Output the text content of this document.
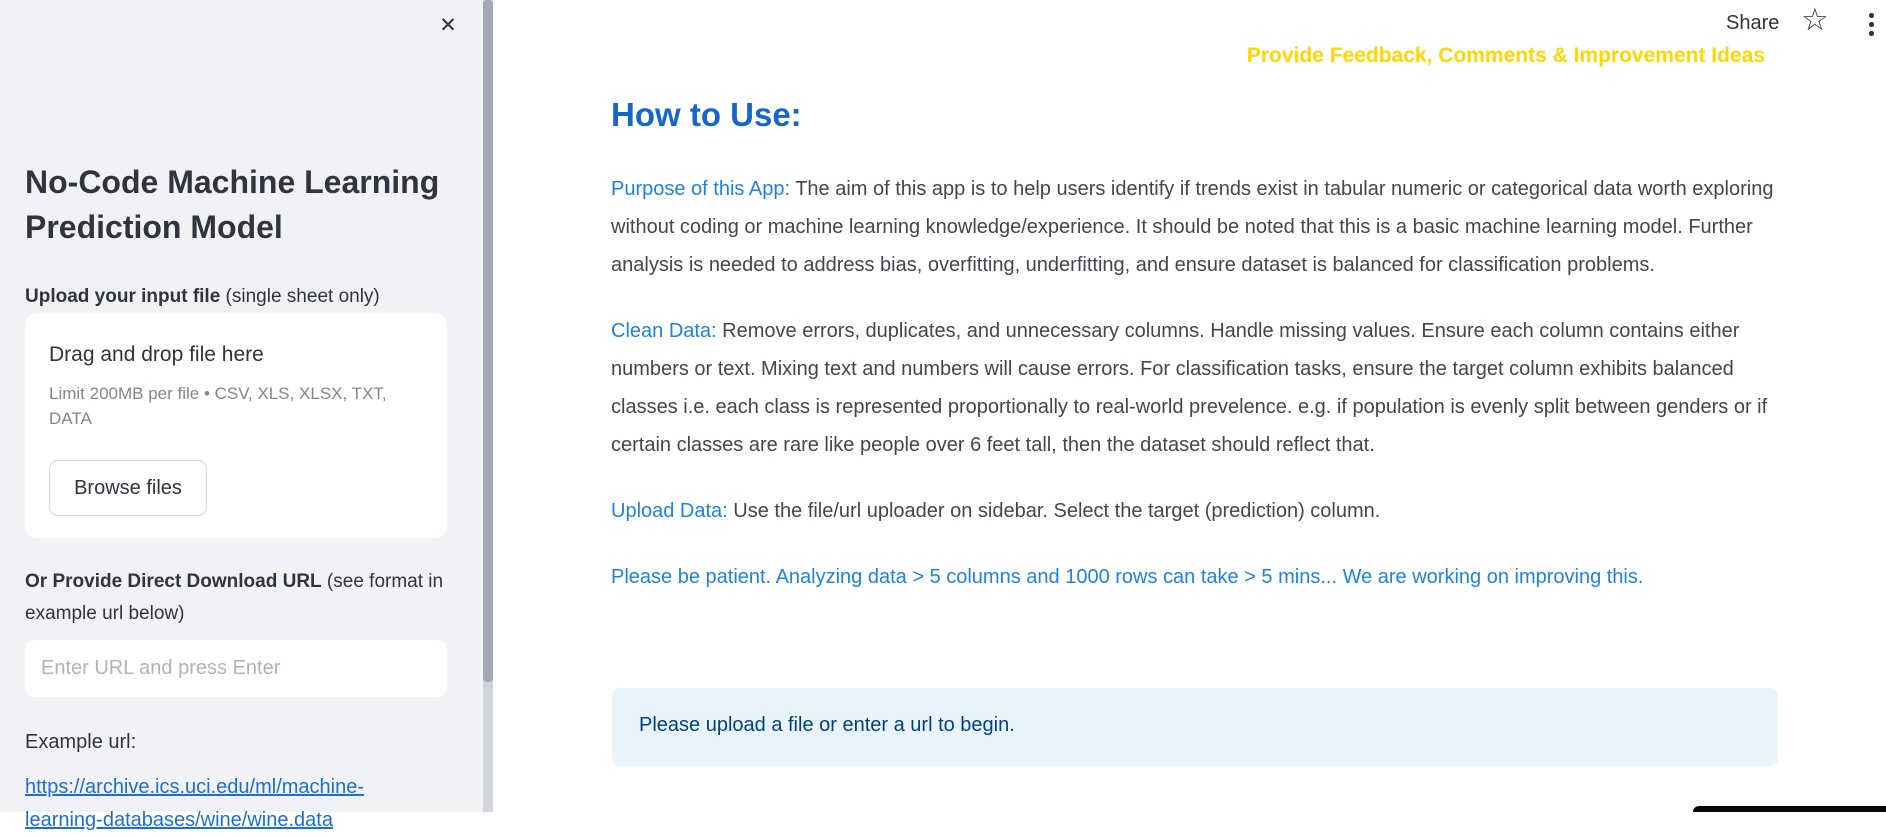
✕
No-Code Machine Learning Prediction Model
Upload your input file (single sheet only)
Drag and drop file here
Limit 200MB per file • CSV, XLS, XLSX, TXT, DATA
Browse files
Or Provide Direct Download URL (see format in example url below)
Enter URL and press Enter
Example url:
https://archive.ics.uci.edu/ml/machine-learning-databases/wine/wine.data
Share ☆
Provide Feedback, Comments & Improvement Ideas
How to Use:

Purpose of this App: The aim of this app is to help users identify if trends exist in tabular numeric or categorical data worth exploring without coding or machine learning knowledge/experience. It should be noted that this is a basic machine learning model. Further analysis is needed to address bias, overfitting, underfitting, and ensure dataset is balanced for classification problems.

Clean Data: Remove errors, duplicates, and unnecessary columns. Handle missing values. Ensure each column contains either numbers or text. Mixing text and numbers will cause errors. For classification tasks, ensure the target column exhibits balanced classes i.e. each class is represented proportionally to real-world prevelence. e.g. if population is evenly split between genders or if certain classes are rare like people over 6 feet tall, then the dataset should reflect that.

Upload Data: Use the file/url uploader on sidebar. Select the target (prediction) column.

Please be patient. Analyzing data > 5 columns and 1000 rows can take > 5 mins... We are working on improving this.

Please upload a file or enter a url to begin.
